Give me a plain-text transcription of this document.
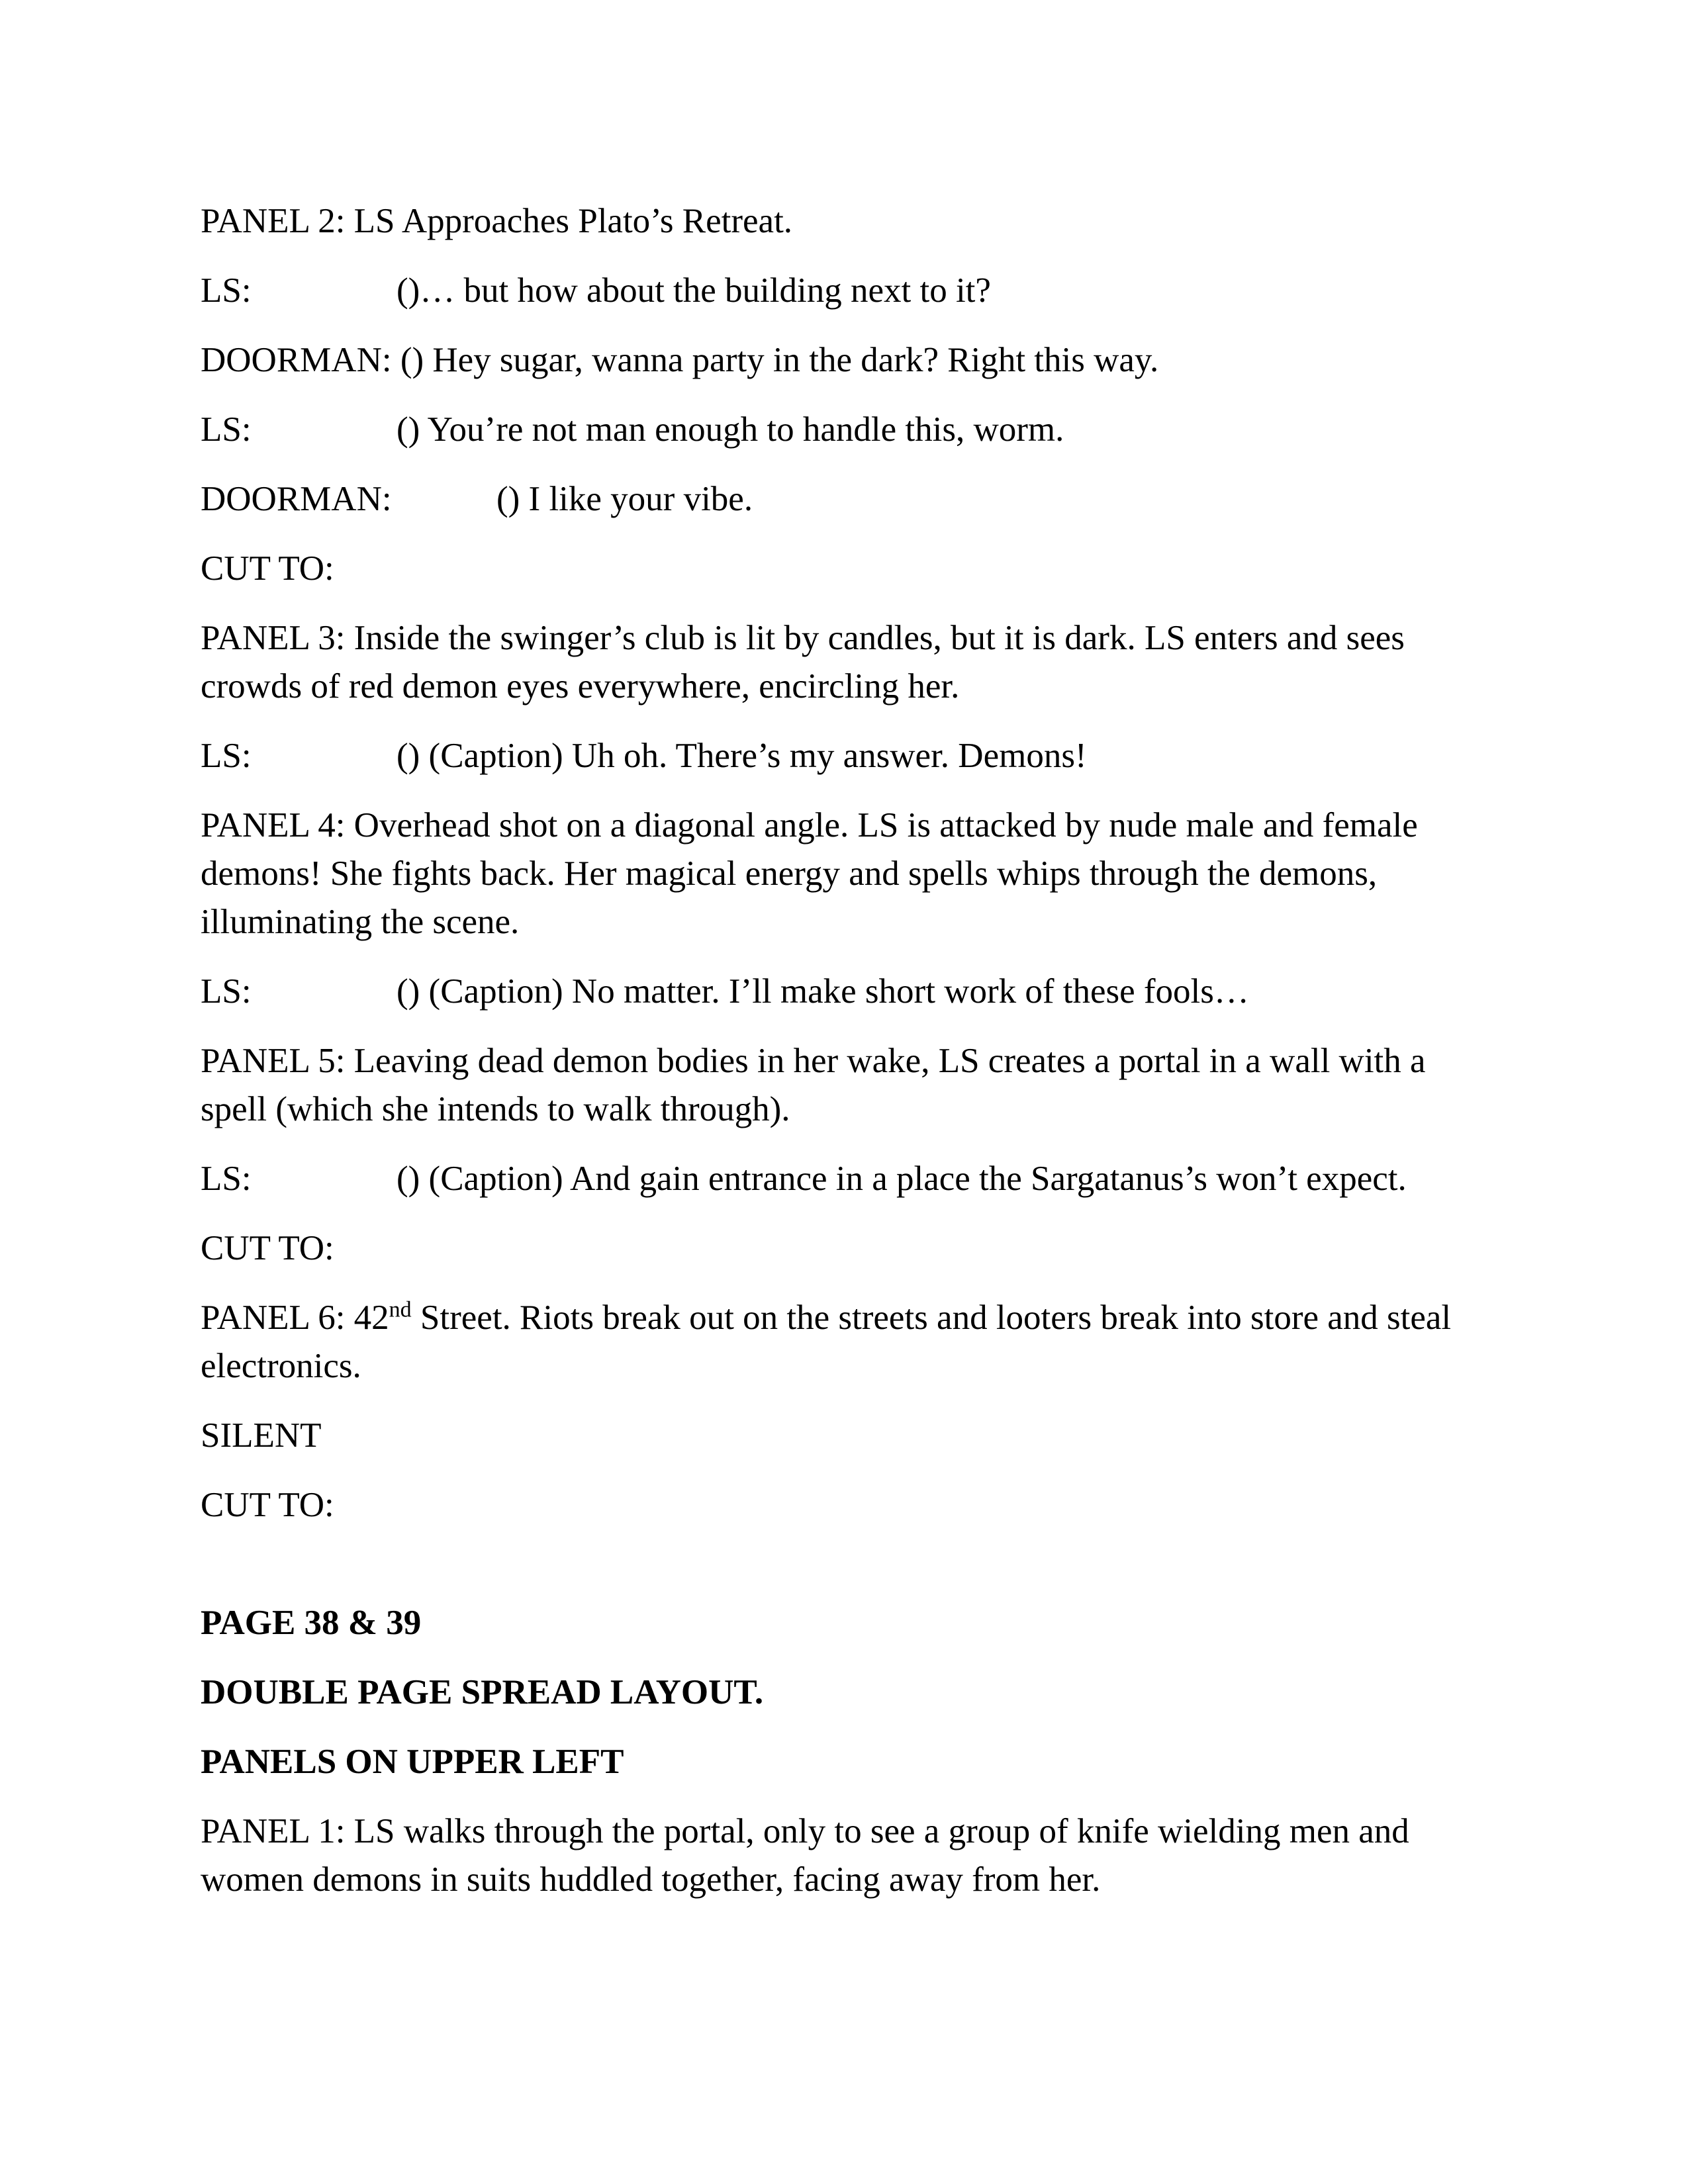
PANEL 2: LS Approaches Plato’s Retreat.

LS:	()… but how about the building next to it?

DOORMAN: () Hey sugar, wanna party in the dark? Right this way.

LS:	() You’re not man enough to handle this, worm.

DOORMAN:	() I like your vibe.

CUT TO:

PANEL 3: Inside the swinger’s club is lit by candles, but it is dark. LS enters and sees crowds of red demon eyes everywhere, encircling her.

LS:	() (Caption) Uh oh. There’s my answer. Demons!

PANEL 4: Overhead shot on a diagonal angle. LS is attacked by nude male and female demons! She fights back. Her magical energy and spells whips through the demons, illuminating the scene.

LS:	() (Caption) No matter. I’ll make short work of these fools…

PANEL 5: Leaving dead demon bodies in her wake, LS creates a portal in a wall with a spell (which she intends to walk through).

LS:	() (Caption) And gain entrance in a place the Sargatanus’s won’t expect.

CUT TO:

PANEL 6: 42nd Street. Riots break out on the streets and looters break into store and steal electronics.

SILENT

CUT TO:

PAGE 38 & 39

DOUBLE PAGE SPREAD LAYOUT.

PANELS ON UPPER LEFT

PANEL 1: LS walks through the portal, only to see a group of knife wielding men and women demons in suits huddled together, facing away from her.
